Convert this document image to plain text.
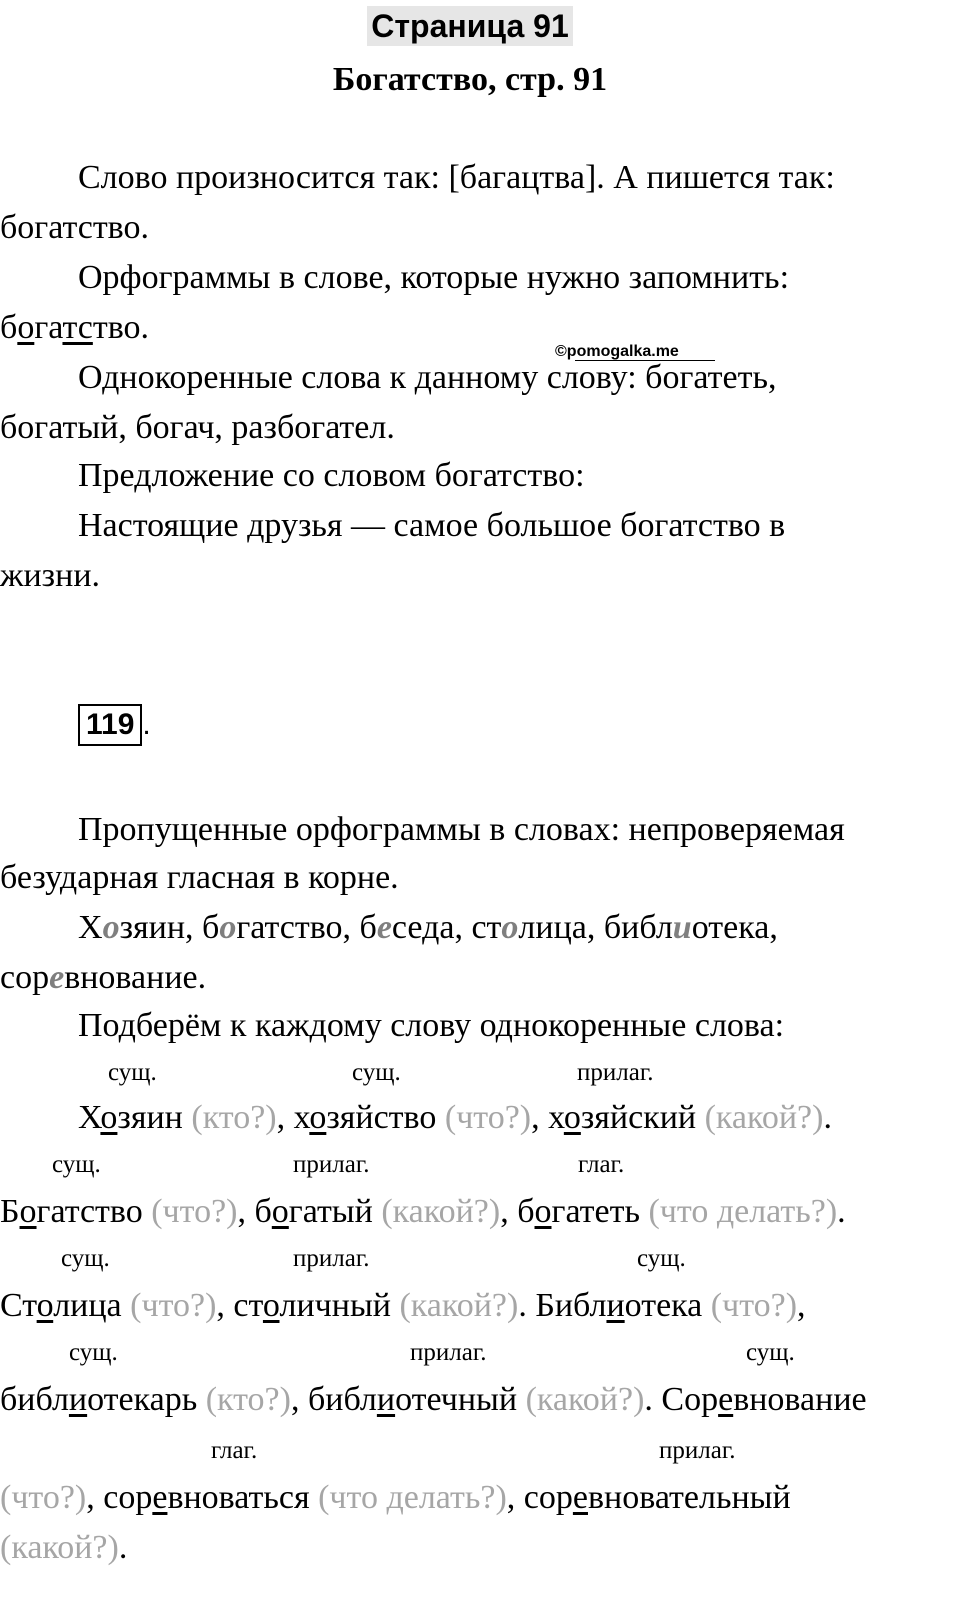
Страница 91
Богатство, стр. 91
Слово произносится так: [багацтва]. А пишется так:
богатство.
Орфограммы в слове, которые нужно запомнить:
богатство.
©pomogalka.me
Однокоренные слова к данному слову: богатеть,
богатый, богач, разбогател.
Предложение со словом богатство:
Настоящие друзья — самое большое богатство в
жизни.
119 .
Пропущенные орфограммы в словах: непроверяемая
безударная гласная в корне.
Хозяин, богатство, беседа, столица, библиотека,
соревнование.
Подберём к каждому слову однокоренные слова:
сущ.	сущ.	прилаг.
Хозяин (кто?), хозяйство (что?), хозяйский (какой?).
сущ.	прилаг.	глаг.
Богатство (что?), богатый (какой?), богатеть (что делать?).
сущ.	прилаг.	сущ.
Столица (что?), столичный (какой?). Библиотека (что?),
сущ.	прилаг.	сущ.
библиотекарь (кто?), библиотечный (какой?). Соревнование
глаг.	прилаг.
(что?), соревноваться (что делать?), соревновательный
(какой?).
